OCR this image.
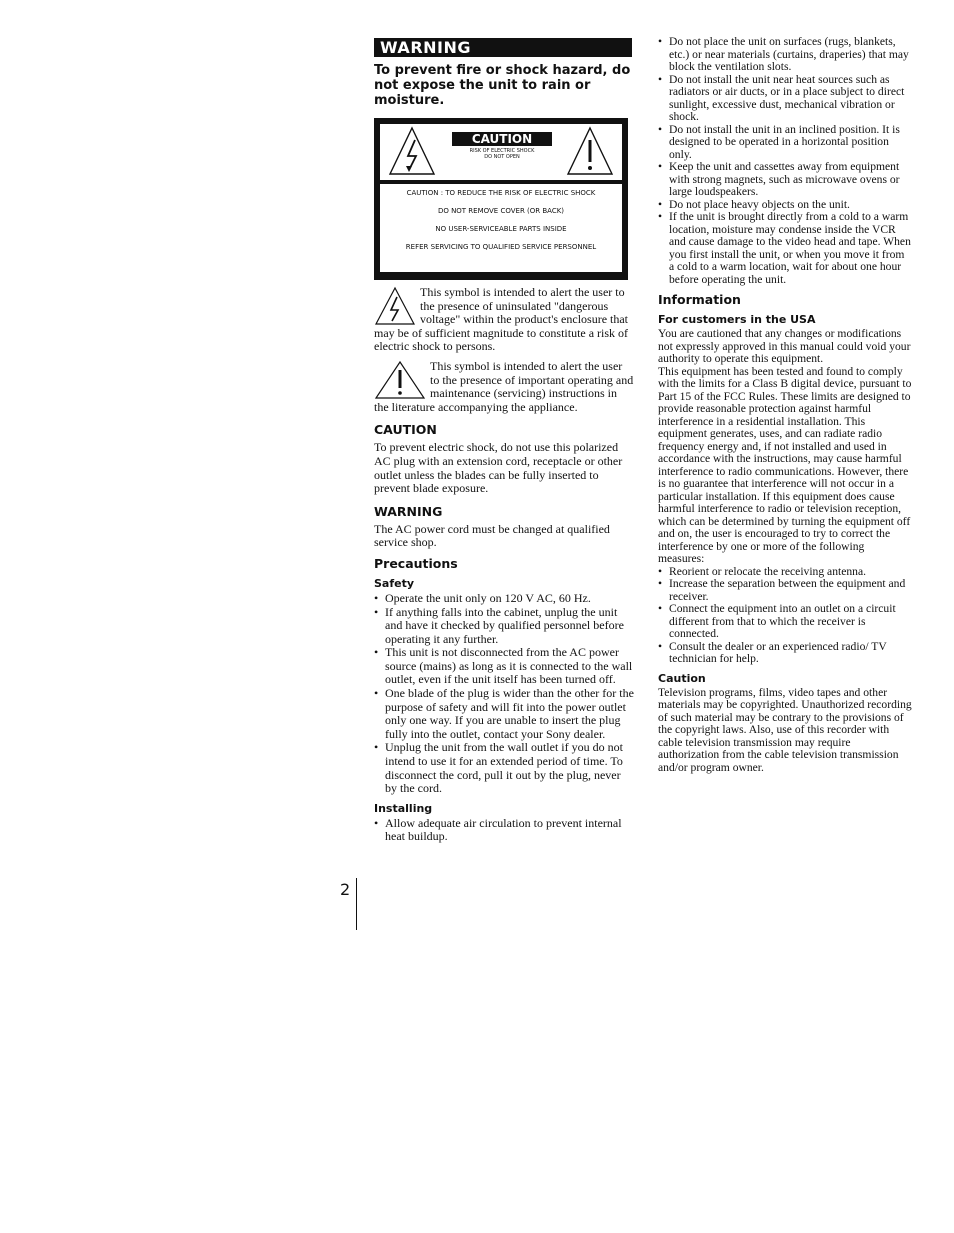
WARNING
To prevent fire or shock hazard, do not expose the unit to rain or moisture.
CAUTION
RISK OF ELECTRIC SHOCK
DO NOT OPEN
CAUTION : TO REDUCE THE RISK OF ELECTRIC SHOCK
DO NOT REMOVE COVER (OR BACK)
NO USER-SERVICEABLE PARTS INSIDE
REFER SERVICING TO QUALIFIED SERVICE PERSONNEL

This symbol is intended to alert the user to the presence of uninsulated "dangerous voltage" within the product's enclosure that may be of sufficient magnitude to constitute a risk of electric shock to persons.

This symbol is intended to alert the user to the presence of important operating and maintenance (servicing) instructions in the literature accompanying the appliance.

CAUTION

To prevent electric shock, do not use this polarized AC plug with an extension cord, receptacle or other outlet unless the blades can be fully inserted to prevent blade exposure.

WARNING

The AC power cord must be changed at qualified service shop.

Precautions
Safety
• Operate the unit only on 120 V AC, 60 Hz.
• If anything falls into the cabinet, unplug the unit and have it checked by qualified personnel before operating it any further.
• This unit is not disconnected from the AC power source (mains) as long as it is connected to the wall outlet, even if the unit itself has been turned off.
• One blade of the plug is wider than the other for the purpose of safety and will fit into the power outlet only one way. If you are unable to insert the plug fully into the outlet, contact your Sony dealer.
• Unplug the unit from the wall outlet if you do not intend to use it for an extended period of time. To disconnect the cord, pull it out by the plug, never by the cord.
Installing
• Allow adequate air circulation to prevent internal heat buildup.
• Do not place the unit on surfaces (rugs, blankets, etc.) or near materials (curtains, draperies) that may block the ventilation slots.
• Do not install the unit near heat sources such as radiators or air ducts, or in a place subject to direct sunlight, excessive dust, mechanical vibration or shock.
• Do not install the unit in an inclined position. It is designed to be operated in a horizontal position only.
• Keep the unit and cassettes away from equipment with strong magnets, such as microwave ovens or large loudspeakers.
• Do not place heavy objects on the unit.
• If the unit is brought directly from a cold to a warm location, moisture may condense inside the VCR and cause damage to the video head and tape. When you first install the unit, or when you move it from a cold to a warm location, wait for about one hour before operating the unit.
Information
For customers in the USA

You are cautioned that any changes or modifications not expressly approved in this manual could void your authority to operate this equipment.

This equipment has been tested and found to comply with the limits for a Class B digital device, pursuant to Part 15 of the FCC Rules. These limits are designed to provide reasonable protection against harmful interference in a residential installation. This equipment generates, uses, and can radiate radio frequency energy and, if not installed and used in accordance with the instructions, may cause harmful interference to radio communications. However, there is no guarantee that interference will not occur in a particular installation. If this equipment does cause harmful interference to radio or television reception, which can be determined by turning the equipment off and on, the user is encouraged to try to correct the interference by one or more of the following measures:

• Reorient or relocate the receiving antenna.
• Increase the separation between the equipment and receiver.
• Connect the equipment into an outlet on a circuit different from that to which the receiver is connected.
• Consult the dealer or an experienced radio/ TV technician for help.
Caution

Television programs, films, video tapes and other materials may be copyrighted. Unauthorized recording of such material may be contrary to the provisions of the copyright laws. Also, use of this recorder with cable television transmission may require authorization from the cable television transmission and/or program owner.

2
